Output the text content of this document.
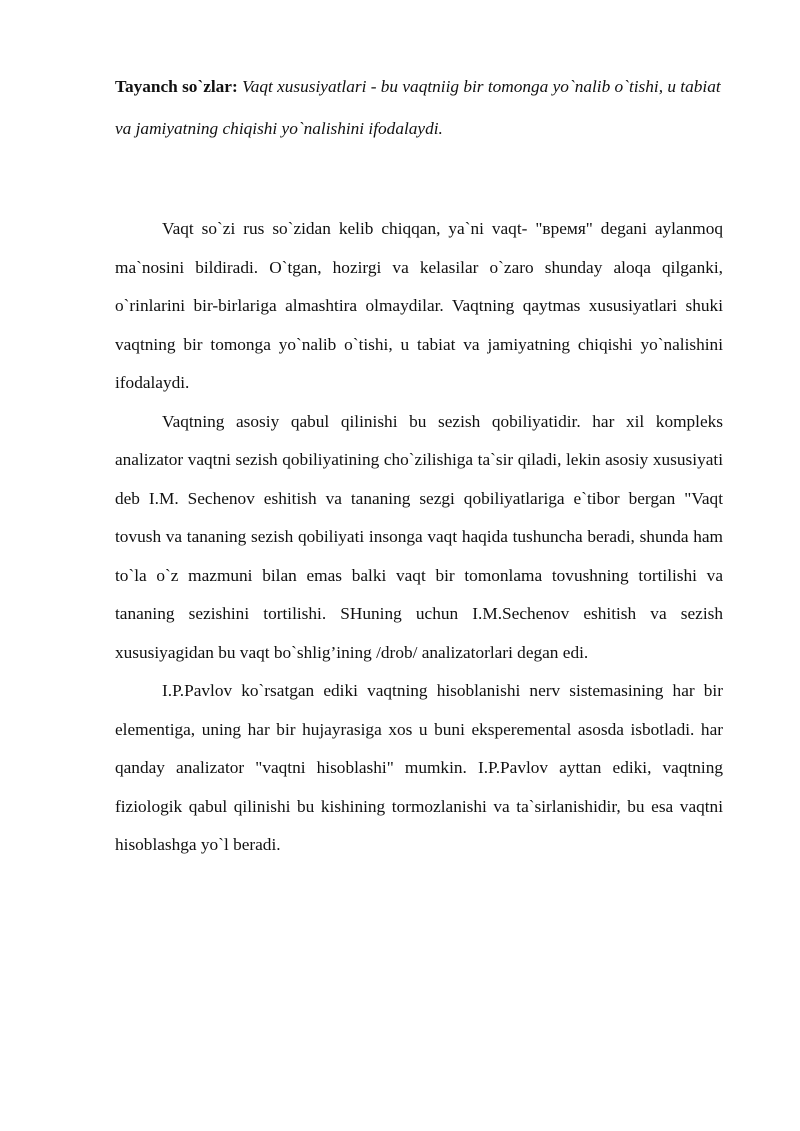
Tayanch so`zlar: Vaqt xususiyatlari - bu vaqtniig bir tomonga yo`nalib o`tishi, u tabiat va jamiyatning chiqishi yo`nalishini ifodalaydi.

Vaqt so`zi rus so`zidan kelib chiqqan, ya`ni vaqt- "время" degani aylanmoq ma`nosini bildiradi. O`tgan, hozirgi va kelasilar o`zaro shunday aloqa qilganki, o`rinlarini bir-birlariga almashtira olmaydilar. Vaqtning qaytmas xususiyatlari shuki vaqtning bir tomonga yo`nalib o`tishi, u tabiat va jamiyatning chiqishi yo`nalishini ifodalaydi.

Vaqtning asosiy qabul qilinishi bu sezish qobiliyatidir. har xil kompleks analizator vaqtni sezish qobiliyatining cho`zilishiga ta`sir qiladi, lekin asosiy xususiyati deb I.M. Sechenov eshitish va tananing sezgi qobiliyatlariga e`tibor bergan "Vaqt tovush va tananing sezish qobiliyati insonga vaqt haqida tushuncha beradi, shunda ham to`la o`z mazmuni bilan emas balki vaqt bir tomonlama tovushning tortilishi va tananing sezishini tortilishi. SHuning uchun I.M.Sechenov eshitish va sezish xususiyagidan bu vaqt bo`shlig’ining /drob/ analizatorlari degan edi.

I.P.Pavlov ko`rsatgan ediki vaqtning hisoblanishi nerv sistemasining har bir elementiga, uning har bir hujayrasiga xos u buni eksperemental asosda isbotladi. har qanday analizator "vaqtni hisoblashi" mumkin. I.P.Pavlov ayttan ediki, vaqtning fiziologik qabul qilinishi bu kishining tormozlanishi va ta`sirlanishidir, bu esa vaqtni hisoblashga yo`l beradi.
